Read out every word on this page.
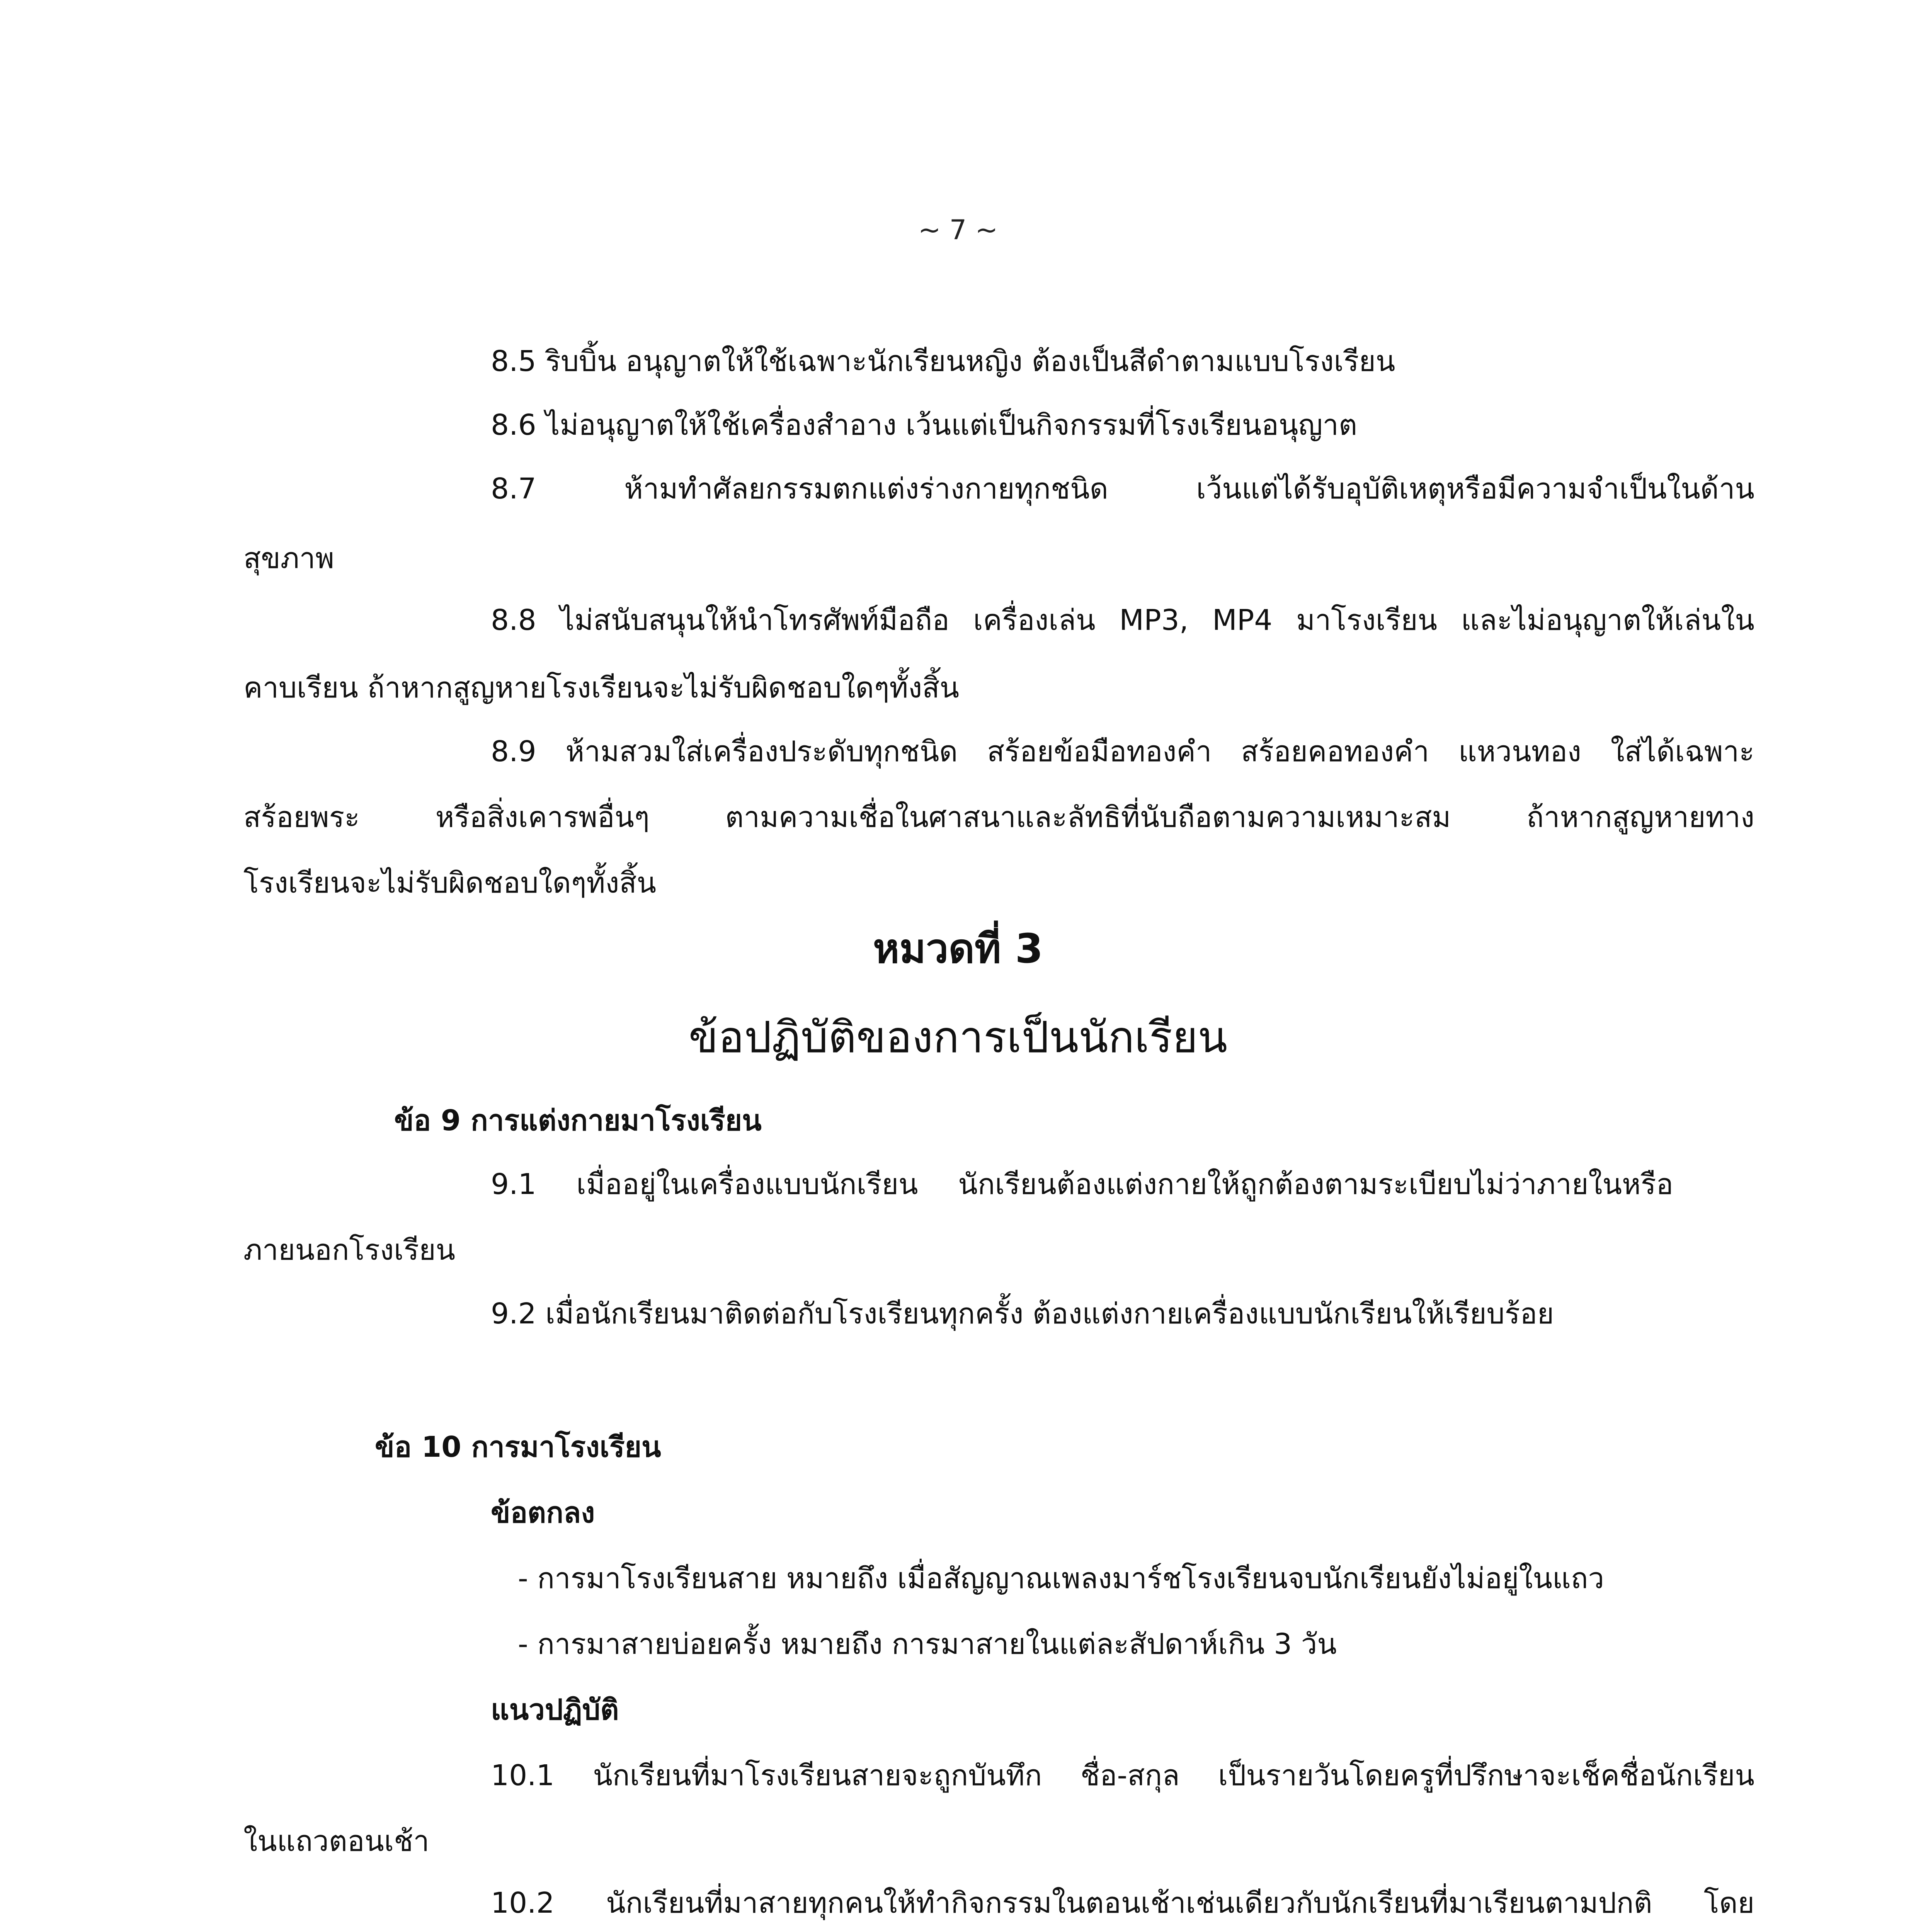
~ 7 ~
8.5 ริบบิ้น อนุญาตให้ใช้เฉพาะนักเรียนหญิง ต้องเป็นสีดำตามแบบโรงเรียน
8.6 ไม่อนุญาตให้ใช้เครื่องสำอาง เว้นแต่เป็นกิจกรรมที่โรงเรียนอนุญาต
8.7 ห้ามทำศัลยกรรมตกแต่งร่างกายทุกชนิด เว้นแต่ได้รับอุบัติเหตุหรือมีความจำเป็นในด้าน
สุขภาพ
8.8 ไม่สนับสนุนให้นำโทรศัพท์มือถือ เครื่องเล่น MP3, MP4 มาโรงเรียน และไม่อนุญาตให้เล่นใน
คาบเรียน ถ้าหากสูญหายโรงเรียนจะไม่รับผิดชอบใดๆทั้งสิ้น
8.9 ห้ามสวมใส่เครื่องประดับทุกชนิด สร้อยข้อมือทองคำ สร้อยคอทองคำ แหวนทอง ใส่ได้เฉพาะ
สร้อยพระ หรือสิ่งเคารพอื่นๆ ตามความเชื่อในศาสนาและลัทธิที่นับถือตามความเหมาะสม ถ้าหากสูญหายทาง
โรงเรียนจะไม่รับผิดชอบใดๆทั้งสิ้น
หมวดที่ 3
ข้อปฏิบัติของการเป็นนักเรียน
ข้อ 9 การแต่งกายมาโรงเรียน
9.1 เมื่ออยู่ในเครื่องแบบนักเรียน นักเรียนต้องแต่งกายให้ถูกต้องตามระเบียบไม่ว่าภายในหรือ
ภายนอกโรงเรียน
9.2 เมื่อนักเรียนมาติดต่อกับโรงเรียนทุกครั้ง ต้องแต่งกายเครื่องแบบนักเรียนให้เรียบร้อย
ข้อ 10 การมาโรงเรียน
ข้อตกลง
- การมาโรงเรียนสาย หมายถึง เมื่อสัญญาณเพลงมาร์ชโรงเรียนจบนักเรียนยังไม่อยู่ในแถว
- การมาสายบ่อยครั้ง หมายถึง การมาสายในแต่ละสัปดาห์เกิน 3 วัน
แนวปฏิบัติ
10.1 นักเรียนที่มาโรงเรียนสายจะถูกบันทึก ชื่อ-สกุล เป็นรายวันโดยครูที่ปรึกษาจะเช็คชื่อนักเรียน
ในแถวตอนเช้า
10.2 นักเรียนที่มาสายทุกคนให้ทำกิจกรรมในตอนเช้าเช่นเดียวกับนักเรียนที่มาเรียนตามปกติ โดย
